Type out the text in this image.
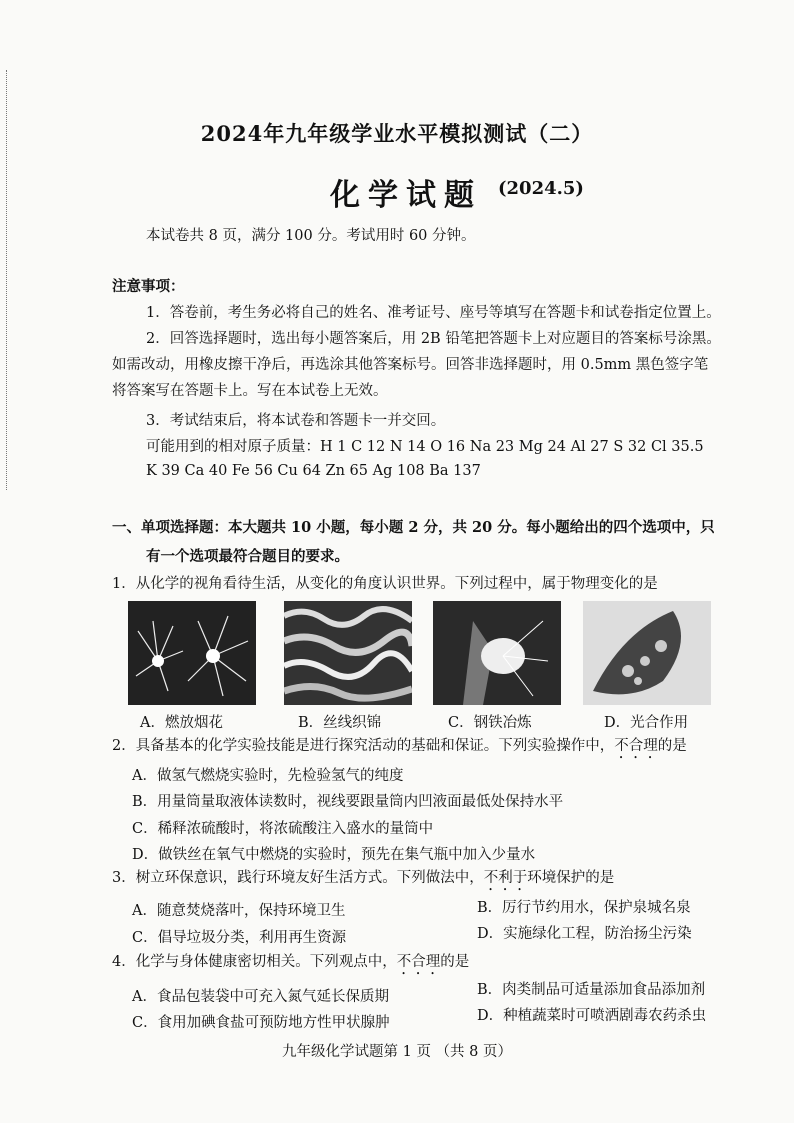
2024年九年级学业水平模拟测试（二）
化学试题 (2024.5)
本试卷共 8 页，满分 100 分。考试用时 60 分钟。
注意事项：
1．答卷前，考生务必将自己的姓名、准考证号、座号等填写在答题卡和试卷指定位置上。
2．回答选择题时，选出每小题答案后，用 2B 铅笔把答题卡上对应题目的答案标号涂黑。
如需改动，用橡皮擦干净后，再选涂其他答案标号。回答非选择题时，用 0.5mm 黑色签字笔
将答案写在答题卡上。写在本试卷上无效。
3．考试结束后，将本试卷和答题卡一并交回。
可能用到的相对原子质量：H 1 C 12 N 14 O 16 Na 23 Mg 24 Al 27 S 32 Cl 35.5
K 39 Ca 40 Fe 56 Cu 64 Zn 65 Ag 108 Ba 137
一、单项选择题：本大题共 10 小题，每小题 2 分，共 20 分。每小题给出的四个选项中，只
有一个选项最符合题目的要求。
1．从化学的视角看待生活，从变化的角度认识世界。下列过程中，属于物理变化的是
A．燃放烟花	B．丝线织锦	C．钢铁冶炼	D．光合作用
2．具备基本的化学实验技能是进行探究活动的基础和保证。下列实验操作中，不合理的是
A．做氢气燃烧实验时，先检验氢气的纯度
B．用量筒量取液体读数时，视线要跟量筒内凹液面最低处保持水平
C．稀释浓硫酸时，将浓硫酸注入盛水的量筒中
D．做铁丝在氧气中燃烧的实验时，预先在集气瓶中加入少量水
3．树立环保意识，践行环境友好生活方式。下列做法中，不利于环境保护的是
A．随意焚烧落叶，保持环境卫生	B．厉行节约用水，保护泉城名泉
C．倡导垃圾分类，利用再生资源	D．实施绿化工程，防治扬尘污染
4．化学与身体健康密切相关。下列观点中，不合理的是
A．食品包装袋中可充入氮气延长保质期	B．肉类制品可适量添加食品添加剂
C．食用加碘食盐可预防地方性甲状腺肿	D．种植蔬菜时可喷洒剧毒农药杀虫
九年级化学试题第 1 页 （共 8 页）
